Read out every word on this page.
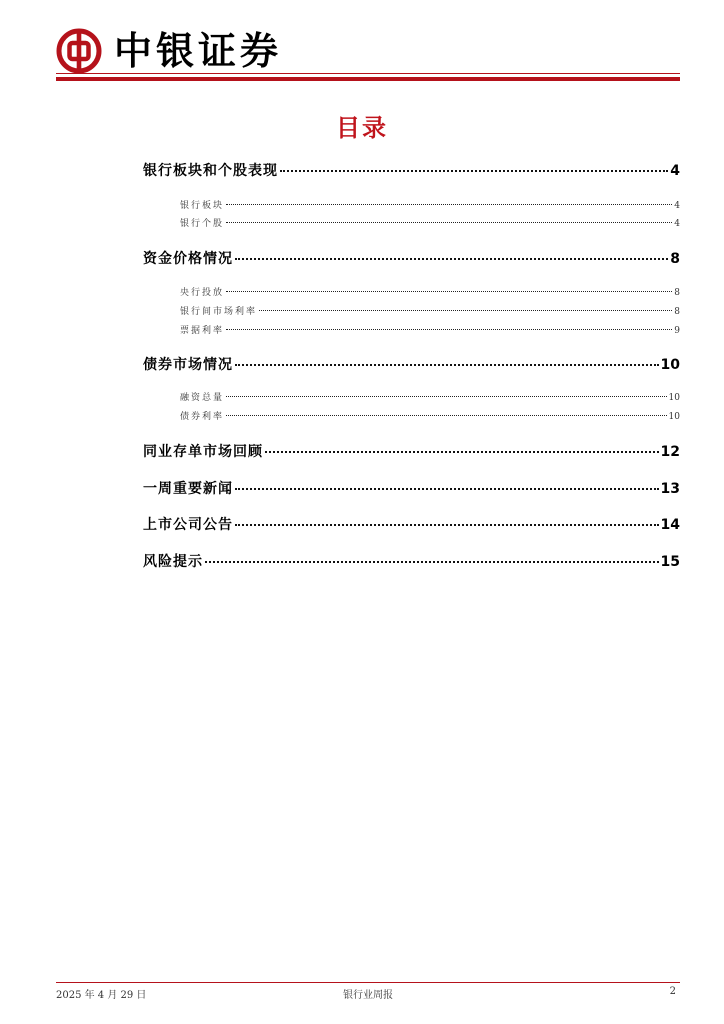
中银证券
目录
银行板块和个股表现	4
银行板块	4
银行个股	4
资金价格情况	8
央行投放	8
银行间市场利率	8
票据利率	9
债券市场情况	10
融资总量	10
债券利率	10
同业存单市场回顾	12
一周重要新闻	13
上市公司公告	14
风险提示	15
2025 年 4 月 29 日	银行业周报	2
